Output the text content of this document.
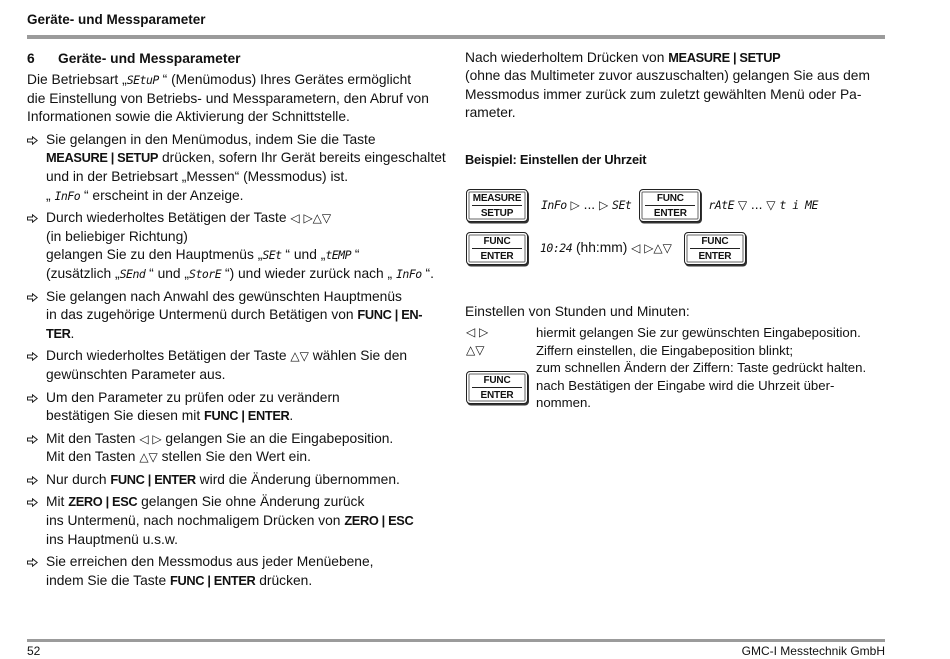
Geräte- und Messparameter
6 Geräte- und Messparameter
Die Betriebsart „SEtuP “ (Menümodus) Ihres Gerätes ermöglicht
die Einstellung von Betriebs- und Messparametern, den Abruf von
Informationen sowie die Aktivierung der Schnittstelle.
Sie gelangen in den Menümodus, indem Sie die Taste
MEASURE | SETUP drücken, sofern Ihr Gerät bereits eingeschaltet
und in der Betriebsart „Messen“ (Messmodus) ist.
„ InFo “ erscheint in der Anzeige.
Durch wiederholtes Betätigen der Taste ◁ ▷△▽
(in beliebiger Richtung)
gelangen Sie zu den Hauptmenüs „SEt “ und „tEMP “
(zusätzlich „SEnd “ und „StorE “) und wieder zurück nach „ InFo “.
Sie gelangen nach Anwahl des gewünschten Hauptmenüs
in das zugehörige Untermenü durch Betätigen von FUNC | EN-
TER.
Durch wiederholtes Betätigen der Taste △▽ wählen Sie den
gewünschten Parameter aus.
Um den Parameter zu prüfen oder zu verändern
bestätigen Sie diesen mit FUNC | ENTER.
Mit den Tasten ◁ ▷ gelangen Sie an die Eingabeposition.
Mit den Tasten △▽ stellen Sie den Wert ein.
Nur durch FUNC | ENTER wird die Änderung übernommen.
Mit ZERO | ESC gelangen Sie ohne Änderung zurück
ins Untermenü, nach nochmaligem Drücken von ZERO | ESC
ins Hauptmenü u.s.w.
Sie erreichen den Messmodus aus jeder Menüebene,
indem Sie die Taste FUNC | ENTER drücken.
Nach wiederholtem Drücken von MEASURE | SETUP
(ohne das Multimeter zuvor auszuschalten) gelangen Sie aus dem
Messmodus immer zurück zum zuletzt gewählten Menü oder Pa-
rameter.
Beispiel: Einstellen der Uhrzeit

MEASURE

SETUP

InFo ▷ ... ▷ SEt

	FUNC

ENTER

rAtE ▽ ... ▽ t i ME

FUNC

ENTER

10:24 (hh:mm) ◁ ▷△▽

	FUNC

ENTER

Einstellen von Stunden und Minuten:
◁ ▷	hiermit gelangen Sie zur gewünschten Eingabeposition.
△▽	Ziffern einstellen, die Eingabeposition blinkt;
zum schnellen Ändern der Ziffern: Taste gedrückt halten.
FUNC
ENTER
nach Bestätigen der Eingabe wird die Uhrzeit über-
nommen.
52	GMC-I Messtechnik GmbH
